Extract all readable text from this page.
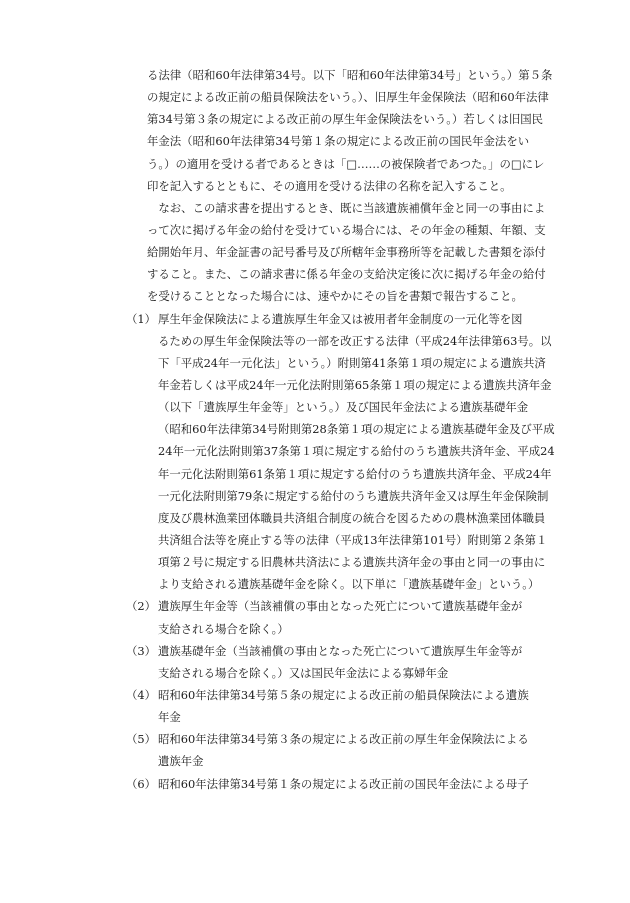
る法律（昭和60年法律第34号。以下「昭和60年法律第34号」という。）第５条
の規定による改正前の船員保険法をいう。）、旧厚生年金保険法（昭和60年法律
第34号第３条の規定による改正前の厚生年金保険法をいう。）若しくは旧国民
年金法（昭和60年法律第34号第１条の規定による改正前の国民年金法をい
う。）の適用を受ける者であるときは「□……の被保険者であつた。」の□にレ
印を記入するとともに、その適用を受ける法律の名称を記入すること。
　なお、この請求書を提出するとき、既に当該遺族補償年金と同一の事由によ
って次に掲げる年金の給付を受けている場合には、その年金の種類、年額、支
給開始年月、年金証書の記号番号及び所轄年金事務所等を記載した書類を添付
すること。また、この請求書に係る年金の支給決定後に次に掲げる年金の給付
を受けることとなった場合には、速やかにその旨を書類で報告すること。
（1） 厚生年金保険法による遺族厚生年金又は被用者年金制度の一元化等を図
るための厚生年金保険法等の一部を改正する法律（平成24年法律第63号。以
下「平成24年一元化法」という。）附則第41条第１項の規定による遺族共済
年金若しくは平成24年一元化法附則第65条第１項の規定による遺族共済年金
（以下「遺族厚生年金等」という。）及び国民年金法による遺族基礎年金
（昭和60年法律第34号附則第28条第１項の規定による遺族基礎年金及び平成
24年一元化法附則第37条第１項に規定する給付のうち遺族共済年金、平成24
年一元化法附則第61条第１項に規定する給付のうち遺族共済年金、平成24年
一元化法附則第79条に規定する給付のうち遺族共済年金又は厚生年金保険制
度及び農林漁業団体職員共済組合制度の統合を図るための農林漁業団体職員
共済組合法等を廃止する等の法律（平成13年法律第101号）附則第２条第１
項第２号に規定する旧農林共済法による遺族共済年金の事由と同一の事由に
より支給される遺族基礎年金を除く。以下単に「遺族基礎年金」という。）
（2） 遺族厚生年金等（当該補償の事由となった死亡について遺族基礎年金が
支給される場合を除く。）
（3） 遺族基礎年金（当該補償の事由となった死亡について遺族厚生年金等が
支給される場合を除く。）又は国民年金法による寡婦年金
（4） 昭和60年法律第34号第５条の規定による改正前の船員保険法による遺族
年金
（5） 昭和60年法律第34号第３条の規定による改正前の厚生年金保険法による
遺族年金
（6） 昭和60年法律第34号第１条の規定による改正前の国民年金法による母子
